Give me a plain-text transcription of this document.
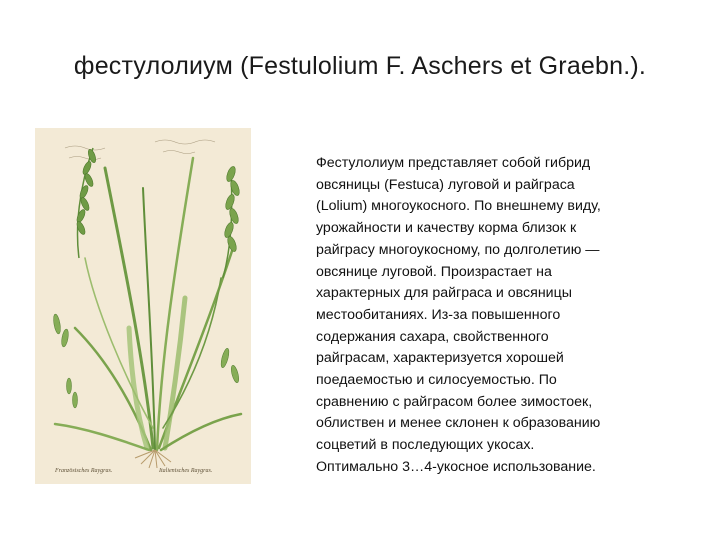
фестулолиум (Festulolium F. Aschers et Graebn.).
Französisches Raygras.	Italienisches Raygras.
Фестулолиум представляет собой гибрид
овсяницы (Festuca) луговой и райграса
(Lolium) многоукосного. По внешнему виду,
урожайности и качеству корма близок к
райграсу многоукосному, по долголетию —
овсянице луговой. Произрастает на
характерных для райграса и овсяницы
местообитаниях. Из-за повышенного
содержания сахара, свойственного
райграсам, характеризуется хорошей
поедаемостью и силосуемостью. По
сравнению с райграсом более зимостоек,
облиствен и менее склонен к образованию
соцветий в последующих укосах.
Оптимально 3…4-укосное использование.
